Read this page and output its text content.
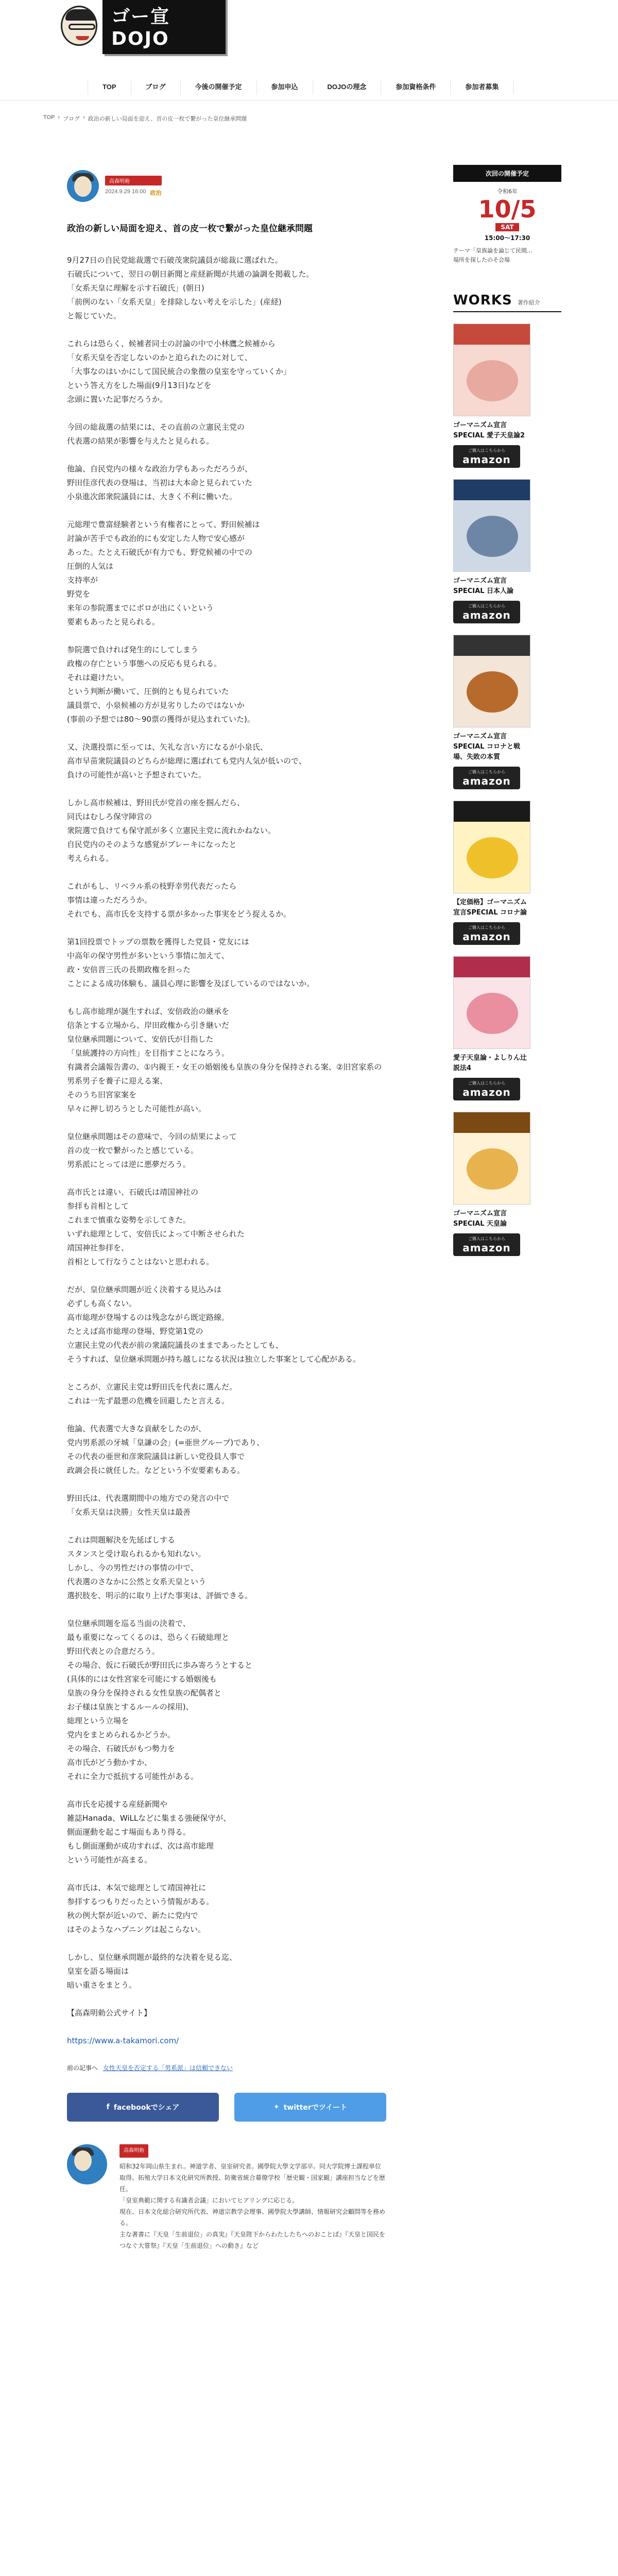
ゴー宣DOJO
TOP	ブログ	今後の開催予定	参加申込	DOJOの理念	参加資格条件	参加者募集
TOP › ブログ › 政治の新しい局面を迎え、首の皮一枚で繋がった皇位継承問題
高森明勅
2024.9.29 16:00 政治
政治の新しい局面を迎え、首の皮一枚で繋がった皇位継承問題

9月27日の自民党総裁選で石破茂衆院議員が総裁に選ばれた。
石破氏について、翌日の朝日新聞と産経新聞が共通の論調を掲載した。
「女系天皇に理解を示す石破氏」(朝日)
「前例のない「女系天皇」を排除しない考えを示した」(産経)
と報じていた。

これらは恐らく、候補者同士の討論の中で小林鷹之候補から
「女系天皇を否定しないのかと迫られたのに対して、
「大事なのはいかにして国民統合の象徴の皇室を守っていくか」
という答え方をした場面(9月13日)などを
念頭に置いた記事だろうか。

今回の総裁選の結果には、その直前の立憲民主党の
代表選の結果が影響を与えたと見られる。

他論、自民党内の様々な政治力学もあっただろうが、
野田佳彦代表の登場は、当初は大本命と見られていた
小泉進次郎衆院議員には、大きく不利に働いた。

元総理で豊富経験者という有権者にとって、野田候補は
討論が苦手でも政治的にも安定した人物で安心感が
あった。たとえ石破氏が有力でも、野党候補の中での
圧倒的人気は
支持率が
野党を
来年の参院選までにボロが出にくいという
要素もあったと見られる。

参院選で負ければ発生的にしてしまう
政権の存亡という事態への反応も見られる。
それは避けたい。
という判断が働いて、圧倒的とも見られていた
議員票で、小泉候補の方が見劣りしたのではないか
(事前の予想では80〜90票の獲得が見込まれていた)。

又、決選投票に至っては、矢礼な言い方になるが小泉氏、
高市早苗衆院議員のどちらが総理に選ばれても党内人気が低いので、
負けの可能性が高いと予想されていた。

しかし高市候補は、野田氏が党首の座を掴んだら、
同氏はむしろ保守陣営の
衆院選で負けても保守派が多く立憲民主党に流れかねない。
自民党内のそのような感覚がブレーキになったと
考えられる。

これがもし、リベラル系の枝野幸男代表だったら
事情は違っただろうか。
それでも、高市氏を支持する票が多かった事実をどう捉えるか。

第1回投票でトップの票数を獲得した党員・党友には
中高年の保守男性が多いという事情に加えて、
政・安倍晋三氏の長期政権を担った
ことによる成功体験も、議員心理に影響を及ぼしているのではないか。

もし高市総理が誕生すれば、安倍政治の継承を
信条とする立場から、岸田政権から引き継いだ
皇位継承問題について、安倍氏が目指した
「皇統護持の方向性」を目指すことになろう。
有識者会議報告書の、①内親王・女王の婚姻後も皇族の身分を保持される案、②旧宮家系の男系男子を養子に迎える案、
そのうち旧宮家案を
早々に押し切ろうとした可能性が高い。

皇位継承問題はその意味で、今回の結果によって
首の皮一枚で繋がったと感じている。
男系派にとっては逆に悪夢だろう。

高市氏とは違い、石破氏は靖国神社の
参拝も首相として
これまで慎重な姿勢を示してきた。
いずれ総理として、安倍氏によって中断させられた
靖国神社参拝を、
首相として行なうことはないと思われる。

だが、皇位継承問題が近く決着する見込みは
必ずしも高くない。
高市総理が登場するのは残念ながら既定路線。
たとえば高市総理の登場、野党第1党の
立憲民主党の代表が前の衆議院議長のままであったとしても、
そうすれば、皇位継承問題が持ち越しになる状況は独立した事案として心配がある。

ところが、立憲民主党は野田氏を代表に選んだ。
これは一先ず最悪の危機を回避したと言える。

他論、代表選で大きな貢献をしたのが、
党内男系派の牙城「皇謙の会」(=亜世グループ)であり、
その代表の亜世和彦衆院議員は新しい党役員人事で
政調会長に就任した。などという不安要素もある。

野田氏は、代表選期間中の地方での発言の中で
「女系天皇は決勝」女性天皇は最善

これは問題解決を先延ばしする
スタンスと受け取られるかも知れない。
しかし、今の男性だけの事情の中で、
代表選のさなかに公然と女系天皇という
選択肢を、明示的に取り上げた事実は、評価できる。

皇位継承問題を巡る当面の決着で、
最も重要になってくるのは、恐らく石破総理と
野田代表との合意だろう。
その場合、仮に石破氏が野田氏に歩み寄ろうとすると
(具体的には女性宮家を可能にする婚姻後も
皇族の身分を保持される女性皇族の配偶者と
お子様は皇族とするルールの採用)、
総理という立場を
党内をまとめられるかどうか。
その場合、石破氏がもつ勢力を
高市氏がどう動かすか、
それに全力で抵抗する可能性がある。

高市氏を応援する産経新聞や
雑誌Hanada、WiLLなどに集まる強硬保守が、
側面運動を起こす場面もあり得る。
もし側面運動が成功すれば、次は高市総理
という可能性が高まる。

高市氏は、本気で総理として靖国神社に
参拝するつもりだったという情報がある。
秋の例大祭が近いので、新たに党内で
はそのようなハプニングは起こらない。

しかし、皇位継承問題が最終的な決着を見る迄、
皇室を語る場面は
暗い重さをまとう。

【高森明勅公式サイト】

https://www.a-takamori.com/

前の記事へ 女性天皇を否定する「男系派」は信頼できない
f facebookでシェア	✦ twitterでツイート
高森明勅

昭和32年岡山県生まれ。神道学者、皇室研究者。國學院大學文学部卒。同大学院博士課程単位取得。拓殖大学日本文化研究所教授、防衛省統合幕僚学校「歴史観・国家観」講座担当などを歴任。
「皇室典範に関する有識者会議」においてヒアリングに応じる。
現在、日本文化総合研究所代表、神道宗教学会理事、國學院大學講師、情報研究会顧問等を務める。
主な著書に『天皇「生前退位」の真実』『天皇陛下からわたしたちへのおことば』『天皇と国民をつなぐ大嘗祭』『天皇「生前退位」への動き』など

次回の開催予定
令和6年
10/5
SAT
15:00～17:30
テーマ「皇族論を論じて民間…
場所を探したのそ会場
WORKS 著作紹介
ゴーマニズム宣言SPECIAL 愛子天皇論2
ご購入はこちらから
amazon
ゴーマニズム宣言SPECIAL 日本人論
ご購入はこちらから
amazon
ゴーマニズム宣言SPECIAL コロナと戦場、失敗の本質
ご購入はこちらから
amazon
【定価格】ゴーマニズム宣言SPECIAL コロナ論
ご購入はこちらから
amazon
愛子天皇論・よしりん辻説法4
ご購入はこちらから
amazon
ゴーマニズム宣言SPECIAL 天皇論
ご購入はこちらから
amazon
